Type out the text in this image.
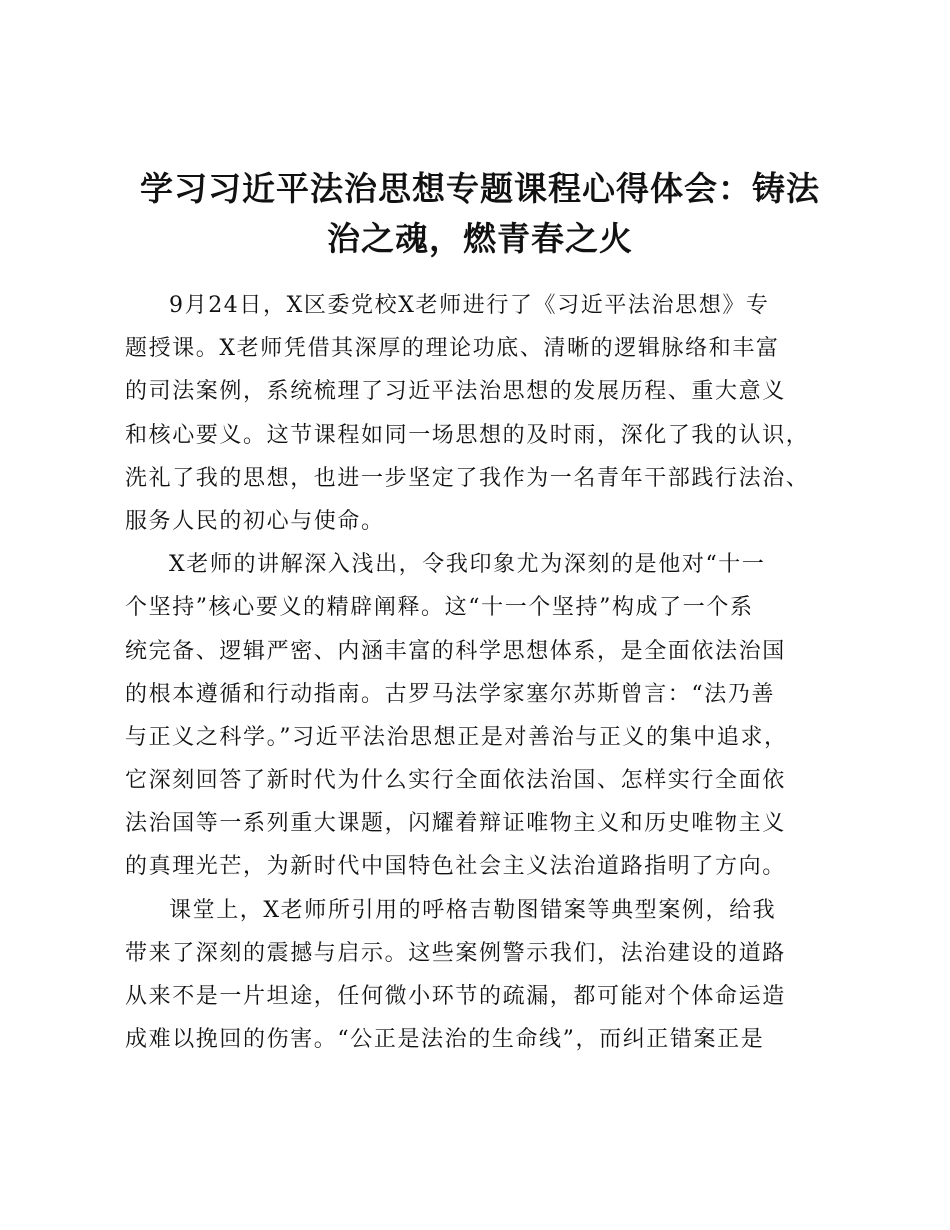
学习习近平法治思想专题课程心得体会：铸法
治之魂，燃青春之火
9月24日，X区委党校X老师进行了《习近平法治思想》专
题授课。X老师凭借其深厚的理论功底、清晰的逻辑脉络和丰富
的司法案例，系统梳理了习近平法治思想的发展历程、重大意义
和核心要义。这节课程如同一场思想的及时雨，深化了我的认识，
洗礼了我的思想，也进一步坚定了我作为一名青年干部践行法治、
服务人民的初心与使命。
X老师的讲解深入浅出，令我印象尤为深刻的是他对“十一
个坚持”核心要义的精辟阐释。这“十一个坚持”构成了一个系
统完备、逻辑严密、内涵丰富的科学思想体系，是全面依法治国
的根本遵循和行动指南。古罗马法学家塞尔苏斯曾言：“法乃善
与正义之科学。”习近平法治思想正是对善治与正义的集中追求，
它深刻回答了新时代为什么实行全面依法治国、怎样实行全面依
法治国等一系列重大课题，闪耀着辩证唯物主义和历史唯物主义
的真理光芒，为新时代中国特色社会主义法治道路指明了方向。
课堂上，X老师所引用的呼格吉勒图错案等典型案例，给我
带来了深刻的震撼与启示。这些案例警示我们，法治建设的道路
从来不是一片坦途，任何微小环节的疏漏，都可能对个体命运造
成难以挽回的伤害。“公正是法治的生命线”，而纠正错案正是
